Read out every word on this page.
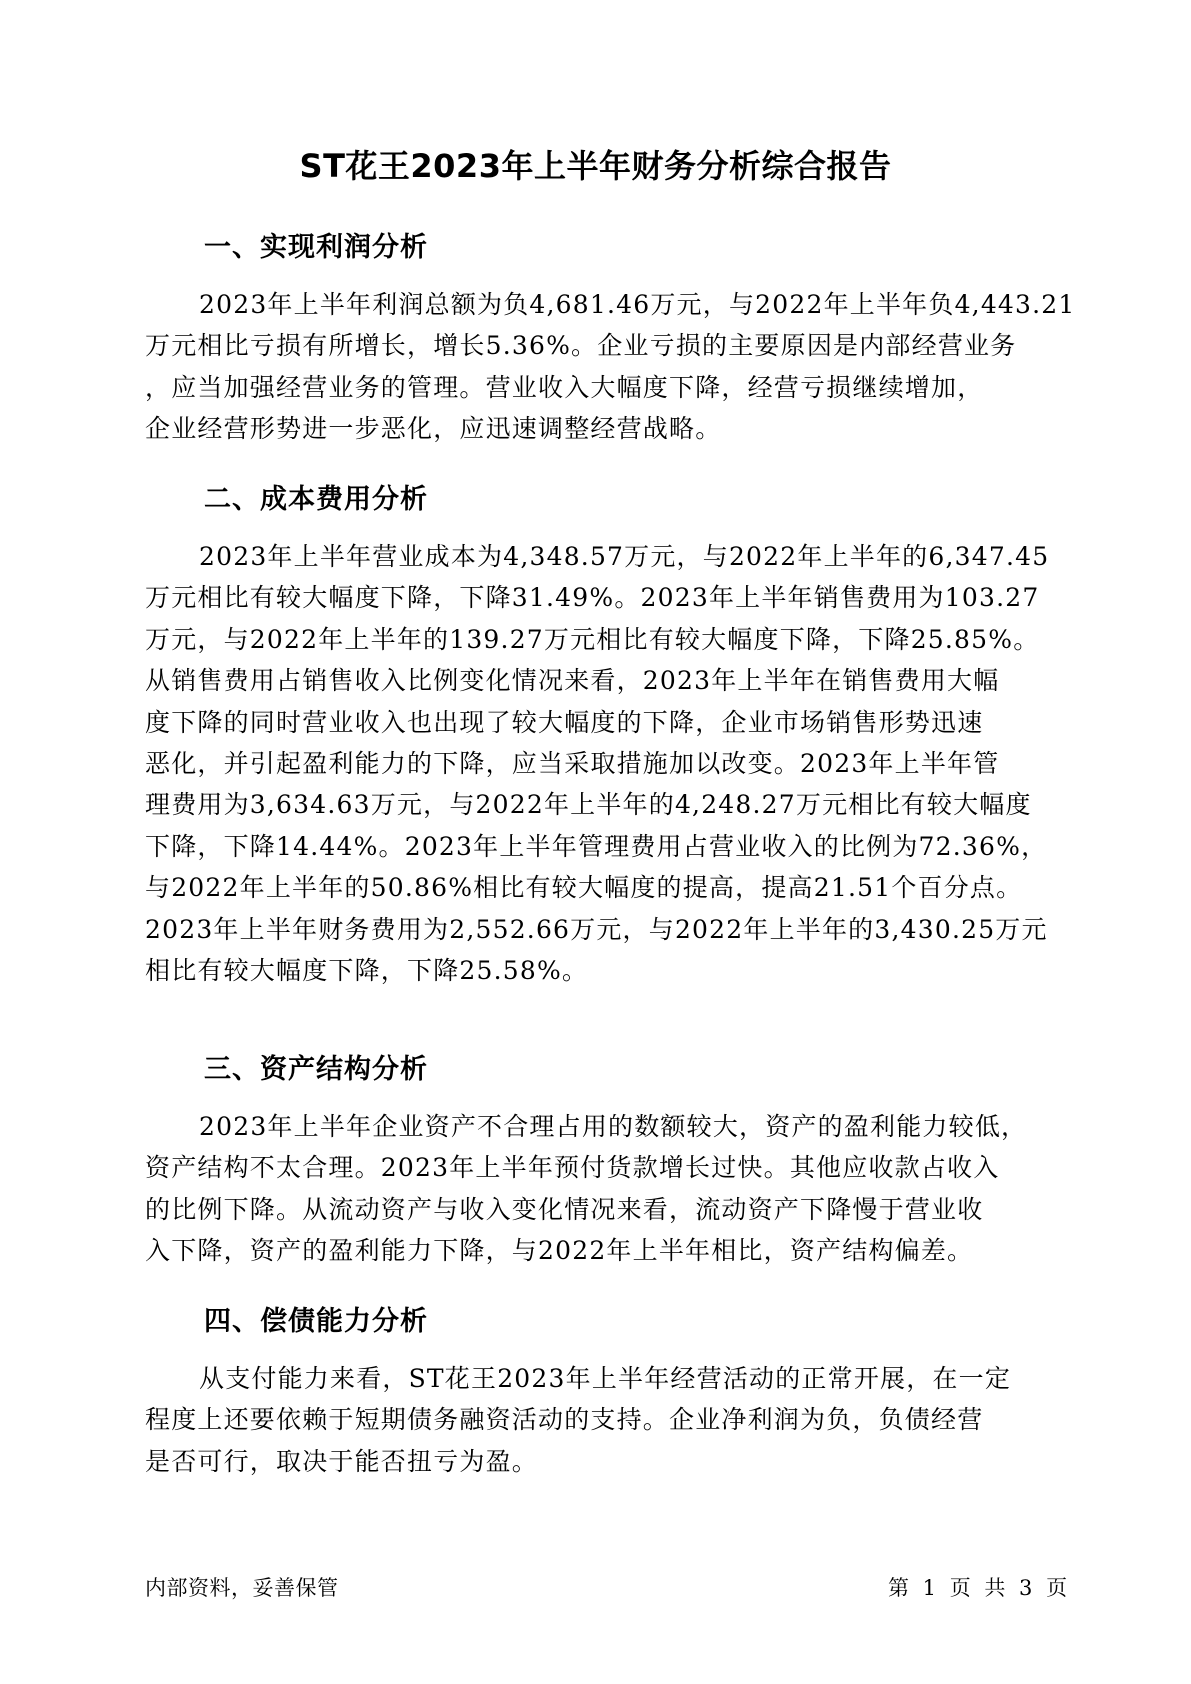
ST花王2023年上半年财务分析综合报告
一、实现利润分析
2023年上半年利润总额为负4,681.46万元，与2022年上半年负4,443.21
万元相比亏损有所增长，增长5.36%。企业亏损的主要原因是内部经营业务
，应当加强经营业务的管理。营业收入大幅度下降，经营亏损继续增加，
企业经营形势进一步恶化，应迅速调整经营战略。
二、成本费用分析
2023年上半年营业成本为4,348.57万元，与2022年上半年的6,347.45
万元相比有较大幅度下降，下降31.49%。2023年上半年销售费用为103.27
万元，与2022年上半年的139.27万元相比有较大幅度下降，下降25.85%。
从销售费用占销售收入比例变化情况来看，2023年上半年在销售费用大幅
度下降的同时营业收入也出现了较大幅度的下降，企业市场销售形势迅速
恶化，并引起盈利能力的下降，应当采取措施加以改变。2023年上半年管
理费用为3,634.63万元，与2022年上半年的4,248.27万元相比有较大幅度
下降，下降14.44%。2023年上半年管理费用占营业收入的比例为72.36%，
与2022年上半年的50.86%相比有较大幅度的提高，提高21.51个百分点。
2023年上半年财务费用为2,552.66万元，与2022年上半年的3,430.25万元
相比有较大幅度下降，下降25.58%。
三、资产结构分析
2023年上半年企业资产不合理占用的数额较大，资产的盈利能力较低，
资产结构不太合理。2023年上半年预付货款增长过快。其他应收款占收入
的比例下降。从流动资产与收入变化情况来看，流动资产下降慢于营业收
入下降，资产的盈利能力下降，与2022年上半年相比，资产结构偏差。
四、偿债能力分析
从支付能力来看，ST花王2023年上半年经营活动的正常开展，在一定
程度上还要依赖于短期债务融资活动的支持。企业净利润为负，负债经营
是否可行，取决于能否扭亏为盈。
内部资料，妥善保管	第 1 页 共 3 页
